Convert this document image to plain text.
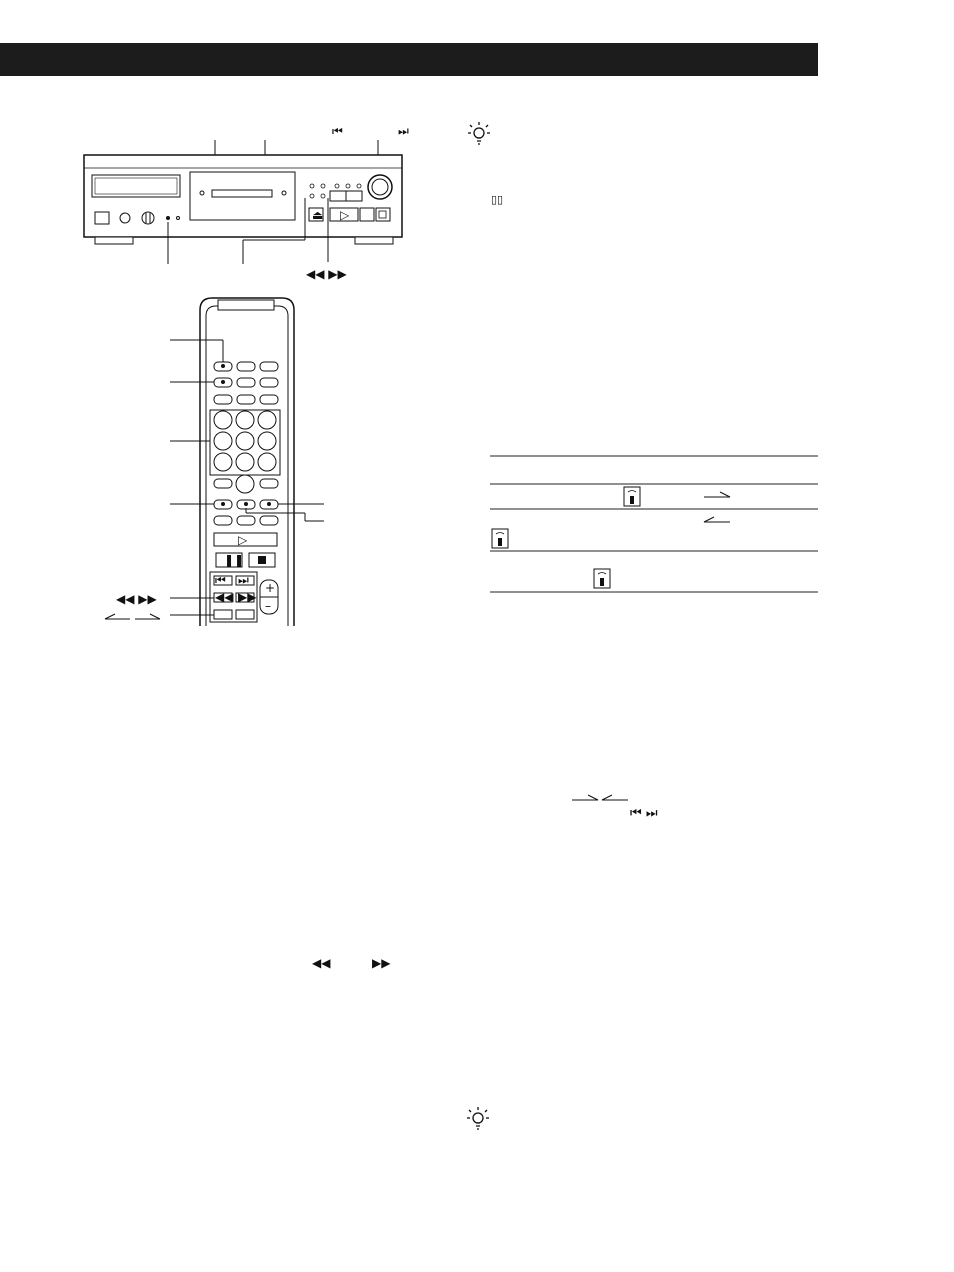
⏮	⏭
⏏ ▷
◀◀ ▶▶
▷
❚❚
⏮ ⏭
◀◀ ▶▶
+
–
◀◀ ▶▶
▯▯
⏮ ⏭
◀◀	▶▶
